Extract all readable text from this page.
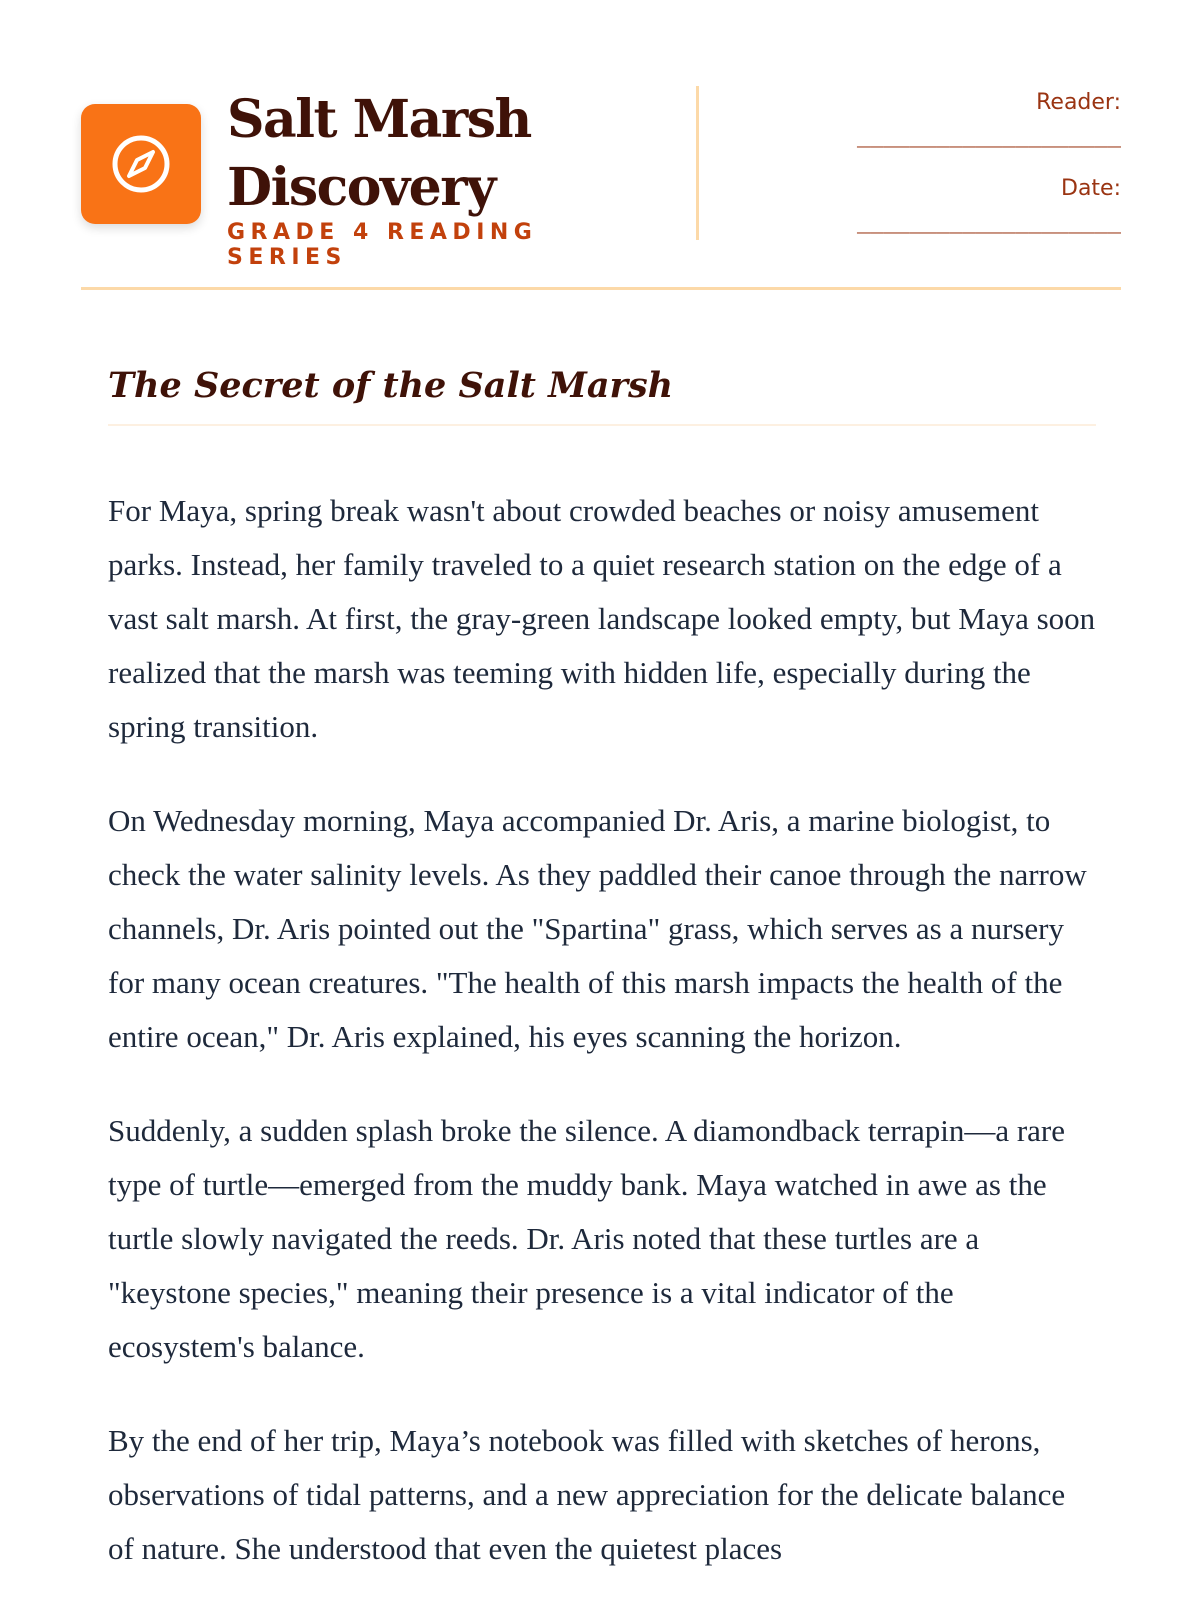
Salt Marsh Discovery
GRADE 4 READING SERIES
Reader:
____________________
Date:
____________________
The Secret of the Salt Marsh

For Maya, spring break wasn't about crowded beaches or noisy amusement parks. Instead, her family traveled to a quiet research station on the edge of a vast salt marsh. At first, the gray-green landscape looked empty, but Maya soon realized that the marsh was teeming with hidden life, especially during the spring transition.

On Wednesday morning, Maya accompanied Dr. Aris, a marine biologist, to check the water salinity levels. As they paddled their canoe through the narrow channels, Dr. Aris pointed out the "Spartina" grass, which serves as a nursery for many ocean creatures. "The health of this marsh impacts the health of the entire ocean," Dr. Aris explained, his eyes scanning the horizon.

Suddenly, a sudden splash broke the silence. A diamondback terrapin—a rare type of turtle—emerged from the muddy bank. Maya watched in awe as the turtle slowly navigated the reeds. Dr. Aris noted that these turtles are a "keystone species," meaning their presence is a vital indicator of the ecosystem's balance.

By the end of her trip, Maya’s notebook was filled with sketches of herons, observations of tidal patterns, and a new appreciation for the delicate balance of nature. She understood that even the quietest places
